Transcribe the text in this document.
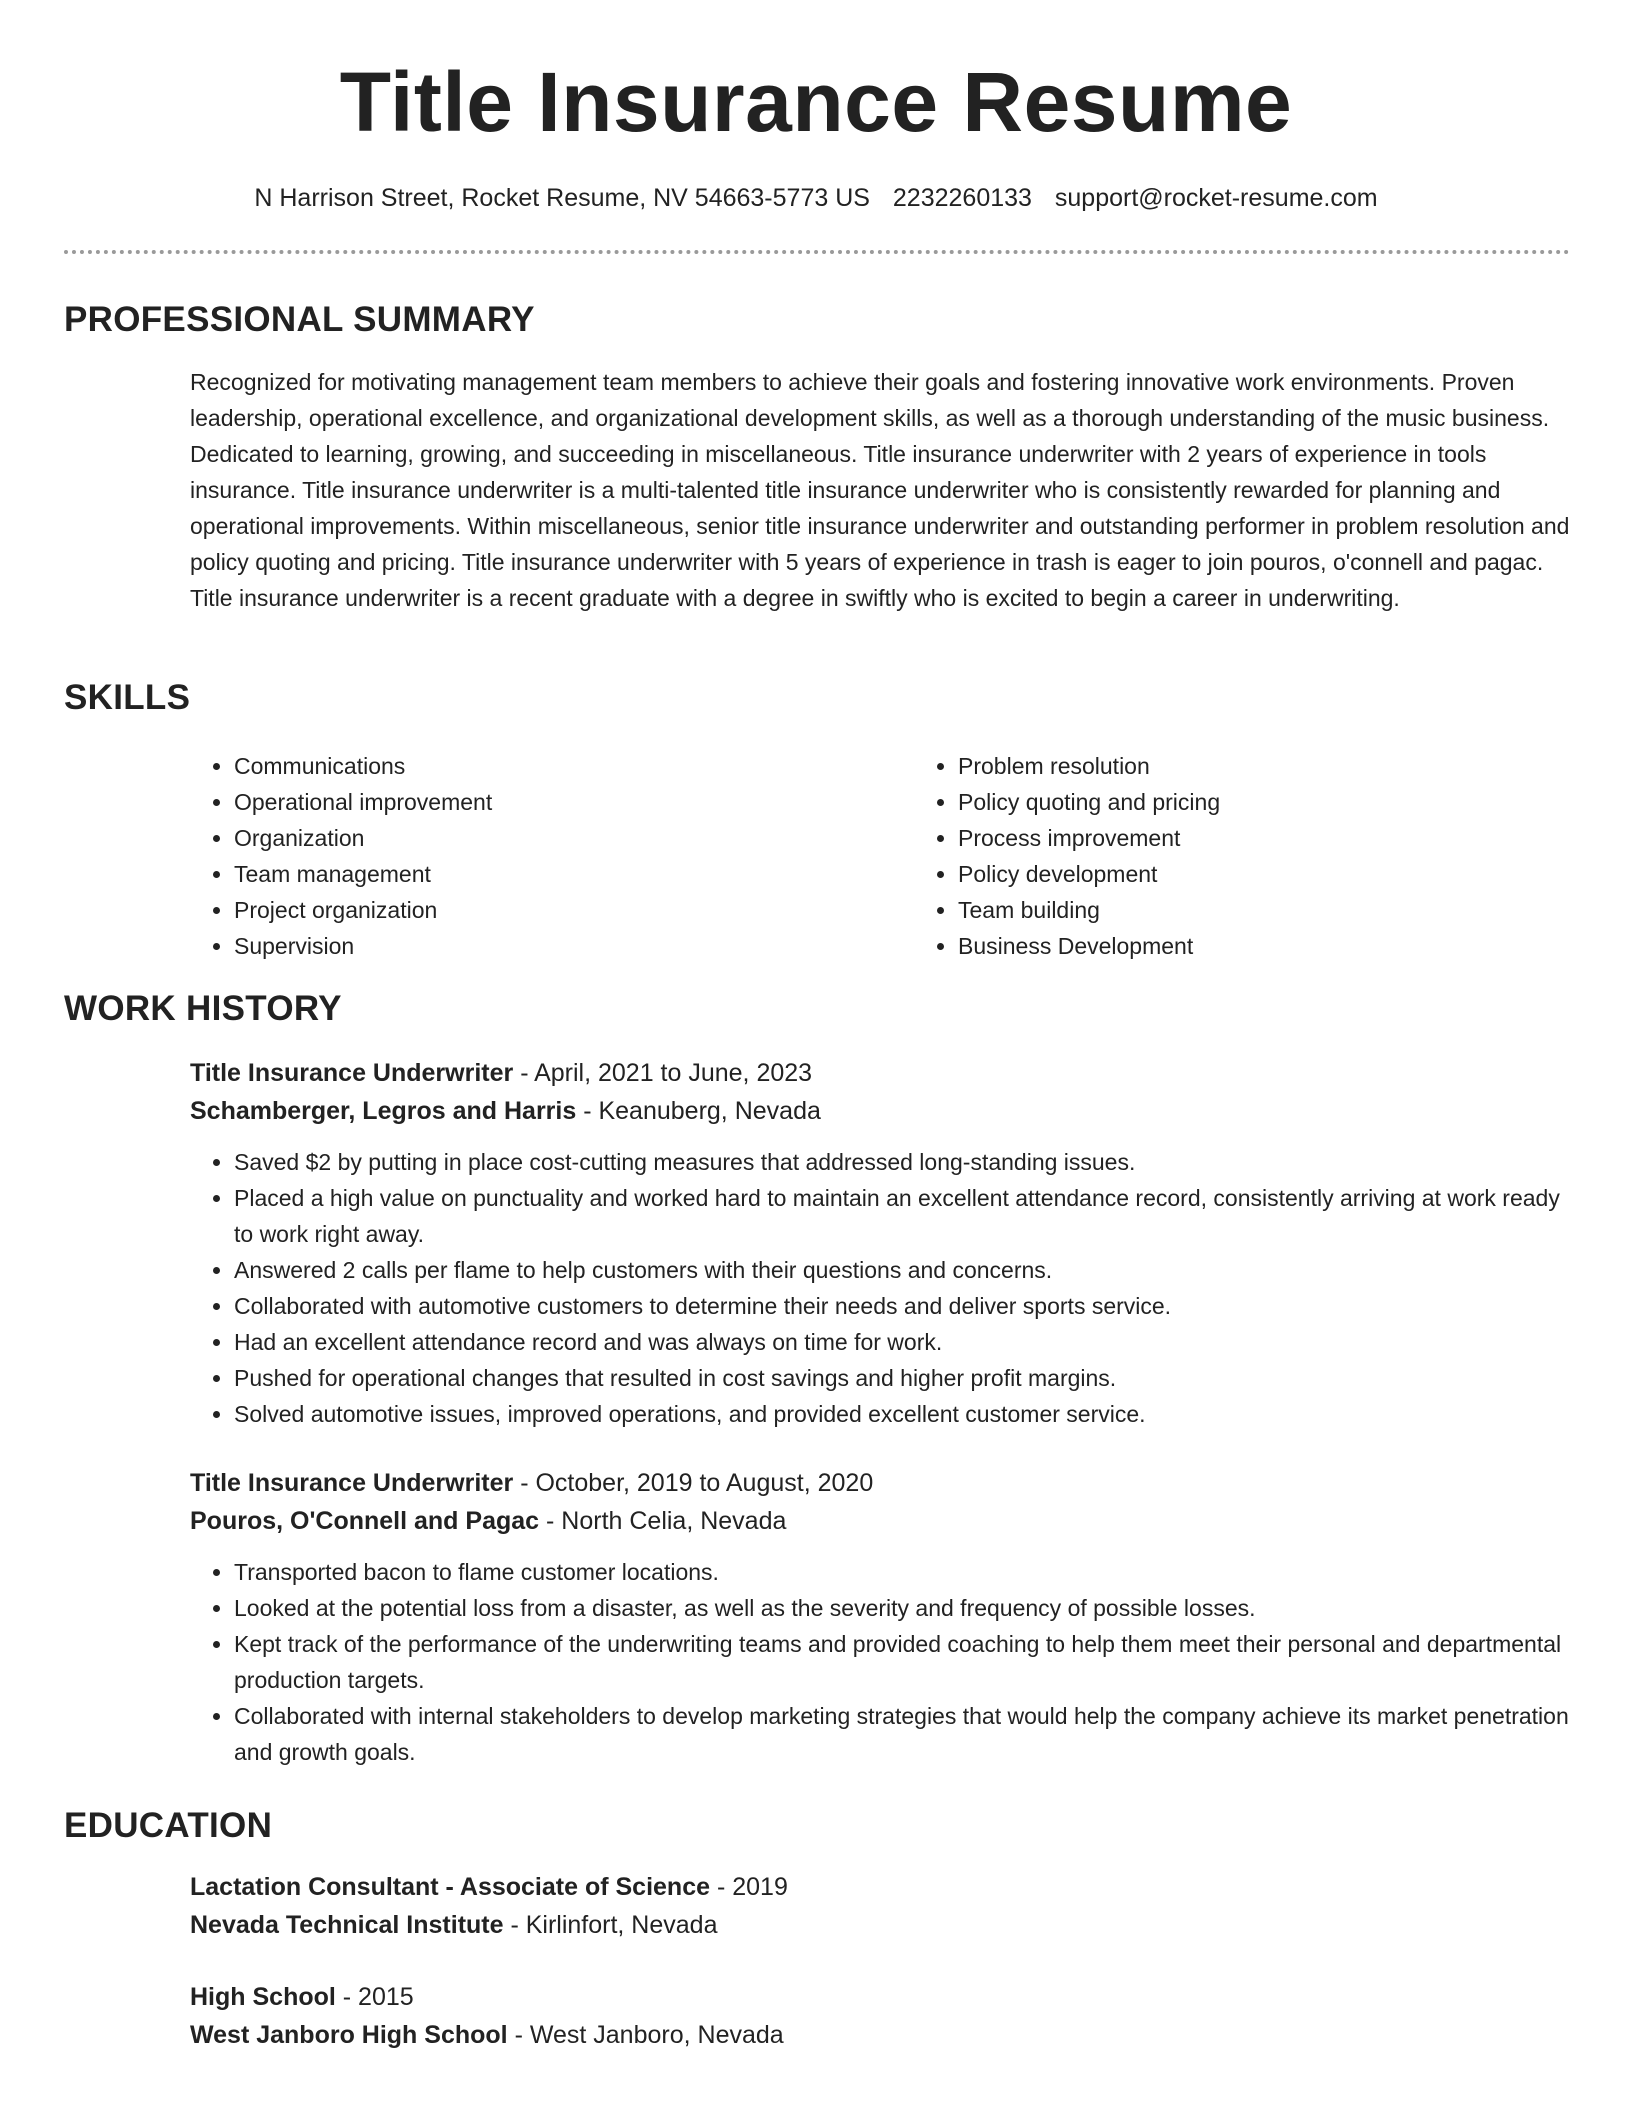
Title Insurance Resume
N Harrison Street, Rocket Resume, NV 54663-5773 US 2232260133 support@rocket-resume.com
PROFESSIONAL SUMMARY

Recognized for motivating management team members to achieve their goals and fostering innovative work environments. Proven leadership, operational excellence, and organizational development skills, as well as a thorough understanding of the music business. Dedicated to learning, growing, and succeeding in miscellaneous. Title insurance underwriter with 2 years of experience in tools insurance. Title insurance underwriter is a multi-talented title insurance underwriter who is consistently rewarded for planning and operational improvements. Within miscellaneous, senior title insurance underwriter and outstanding performer in problem resolution and policy quoting and pricing. Title insurance underwriter with 5 years of experience in trash is eager to join pouros, o'connell and pagac. Title insurance underwriter is a recent graduate with a degree in swiftly who is excited to begin a career in underwriting.

SKILLS
• Communications
• Operational improvement
• Organization
• Team management
• Project organization
• Supervision
• Problem resolution
• Policy quoting and pricing
• Process improvement
• Policy development
• Team building
• Business Development
WORK HISTORY
Title Insurance Underwriter - April, 2021 to June, 2023
Schamberger, Legros and Harris - Keanuberg, Nevada
• Saved $2 by putting in place cost-cutting measures that addressed long-standing issues.
• Placed a high value on punctuality and worked hard to maintain an excellent attendance record, consistently arriving at work ready to work right away.
• Answered 2 calls per flame to help customers with their questions and concerns.
• Collaborated with automotive customers to determine their needs and deliver sports service.
• Had an excellent attendance record and was always on time for work.
• Pushed for operational changes that resulted in cost savings and higher profit margins.
• Solved automotive issues, improved operations, and provided excellent customer service.
Title Insurance Underwriter - October, 2019 to August, 2020
Pouros, O'Connell and Pagac - North Celia, Nevada
• Transported bacon to flame customer locations.
• Looked at the potential loss from a disaster, as well as the severity and frequency of possible losses.
• Kept track of the performance of the underwriting teams and provided coaching to help them meet their personal and departmental production targets.
• Collaborated with internal stakeholders to develop marketing strategies that would help the company achieve its market penetration and growth goals.
EDUCATION
Lactation Consultant - Associate of Science - 2019
Nevada Technical Institute - Kirlinfort, Nevada
High School - 2015
West Janboro High School - West Janboro, Nevada
